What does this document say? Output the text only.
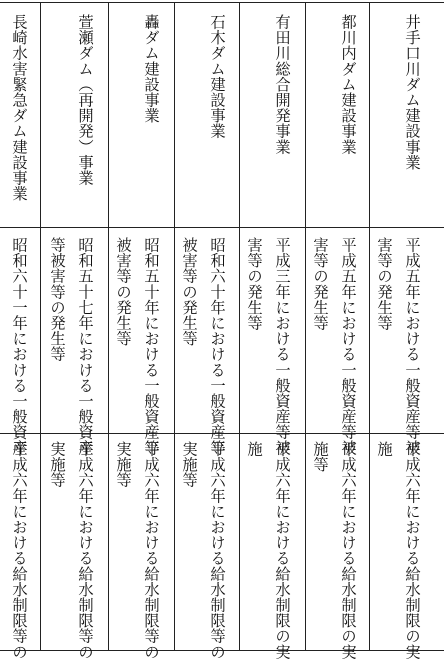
井手口川ダム建設事業
平成五年における一般資産等被
害等の発生等
平成六年における給水制限の実
施
都川内ダム建設事業
平成五年における一般資産等被
害等の発生等
平成六年における給水制限の実
施等
有田川総合開発事業
平成三年における一般資産等被
害等の発生等
平成六年における給水制限の実
施
石木ダム建設事業
昭和六十年における一般資産等
被害等の発生等
平成六年における給水制限等の
実施等
轟ダム建設事業
昭和五十年における一般資産等
被害等の発生等
平成六年における給水制限等の
実施等
萱瀬ダム（再開発）事業
昭和五十七年における一般資産
等被害等の発生等
平成六年における給水制限等の
実施等
長崎水害緊急ダム建設事業
昭和六十一年における一般資産
平成六年における給水制限等の
